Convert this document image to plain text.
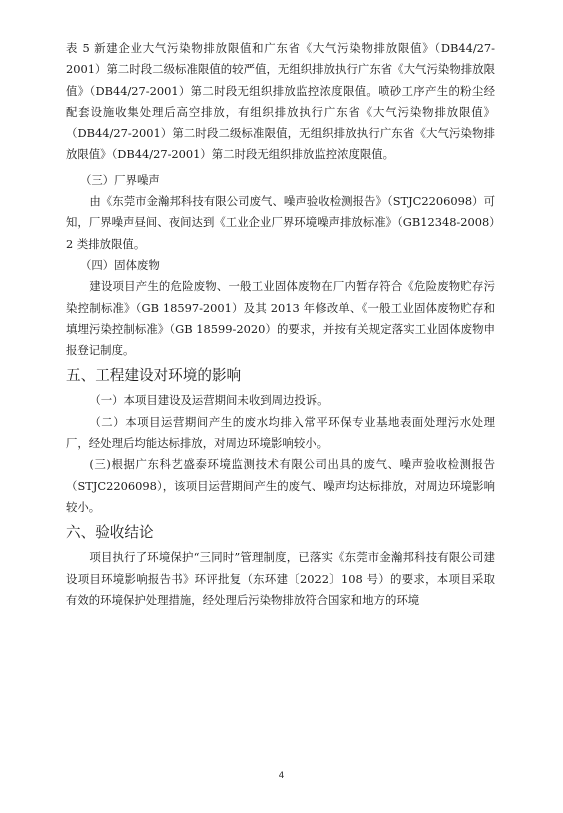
表 5 新建企业大气污染物排放限值和广东省《大气污染物排放限值》（DB44/27-2001）第二时段二级标准限值的较严值，无组织排放执行广东省《大气污染物排放限值》（DB44/27-2001）第二时段无组织排放监控浓度限值。喷砂工序产生的粉尘经配套设施收集处理后高空排放，有组织排放执行广东省《大气污染物排放限值》（DB44/27-2001）第二时段二级标准限值，无组织排放执行广东省《大气污染物排放限值》（DB44/27-2001）第二时段无组织排放监控浓度限值。

（三）厂界噪声

由《东莞市金瀚邦科技有限公司废气、噪声验收检测报告》（STJC2206098）可知，厂界噪声昼间、夜间达到《工业企业厂界环境噪声排放标准》（GB12348-2008）2 类排放限值。

（四）固体废物

建设项目产生的危险废物、一般工业固体废物在厂内暂存符合《危险废物贮存污染控制标准》（GB 18597-2001）及其 2013 年修改单、《一般工业固体废物贮存和填埋污染控制标准》（GB 18599-2020）的要求，并按有关规定落实工业固体废物申报登记制度。

五、工程建设对环境的影响

（一）本项目建设及运营期间未收到周边投诉。

（二）本项目运营期间产生的废水均排入常平环保专业基地表面处理污水处理厂，经处理后均能达标排放，对周边环境影响较小。

(三)根据广东科艺盛泰环境监测技术有限公司出具的废气、噪声验收检测报告（STJC2206098），该项目运营期间产生的废气、噪声均达标排放，对周边环境影响较小。

六、验收结论

项目执行了环境保护“三同时”管理制度，已落实《东莞市金瀚邦科技有限公司建设项目环境影响报告书》环评批复（东环建〔2022〕108 号）的要求，本项目采取有效的环境保护处理措施，经处理后污染物排放符合国家和地方的环境

4
